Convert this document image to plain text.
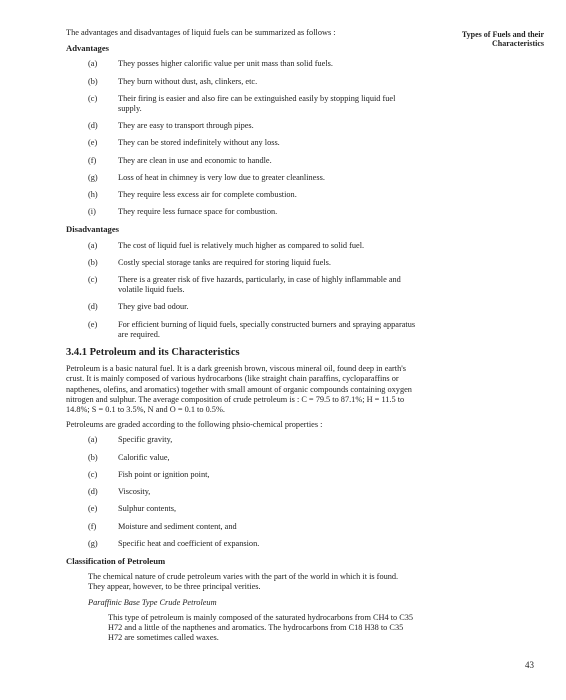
Types of Fuels and their Characteristics

The advantages and disadvantages of liquid fuels can be summarized as follows :

Advantages
(a)	They posses higher calorific value per unit mass than solid fuels.
(b)	They burn without dust, ash, clinkers, etc.
(c)	Their firing is easier and also fire can be extinguished easily by stopping liquid fuel supply.
(d)	They are easy to transport through pipes.
(e)	They can be stored indefinitely without any loss.
(f)	They are clean in use and economic to handle.
(g)	Loss of heat in chimney is very low due to greater cleanliness.
(h)	They require less excess air for complete combustion.
(i)	They require less furnace space for combustion.
Disadvantages
(a)	The cost of liquid fuel is relatively much higher as compared to solid fuel.
(b)	Costly special storage tanks are required for storing liquid fuels.
(c)	There is a greater risk of five hazards, particularly, in case of highly inflammable and volatile liquid fuels.
(d)	They give bad odour.
(e)	For efficient burning of liquid fuels, specially constructed burners and spraying apparatus are required.
3.4.1 Petroleum and its Characteristics

Petroleum is a basic natural fuel. It is a dark greenish brown, viscous mineral oil, found deep in earth's crust. It is mainly composed of various hydrocarbons (like straight chain paraffins, cycloparaffins or napthenes, olefins, and aromatics) together with small amount of organic compounds containing oxygen nitrogen and sulphur. The average composition of crude petroleum is : C = 79.5 to 87.1%; H = 11.5 to 14.8%; S = 0.1 to 3.5%, N and O = 0.1 to 0.5%.

Petroleums are graded according to the following phsio-chemical properties :

(a)	Specific gravity,
(b)	Calorific value,
(c)	Fish point or ignition point,
(d)	Viscosity,
(e)	Sulphur contents,
(f)	Moisture and sediment content, and
(g)	Specific heat and coefficient of expansion.
Classification of Petroleum

The chemical nature of crude petroleum varies with the part of the world in which it is found. They appear, however, to be three principal verities.

Paraffinic Base Type Crude Petroleum

This type of petroleum is mainly composed of the saturated hydrocarbons from CH4 to C35 H72 and a little of the napthenes and aromatics. The hydrocarbons from C18 H38 to C35 H72 are sometimes called waxes.

43
